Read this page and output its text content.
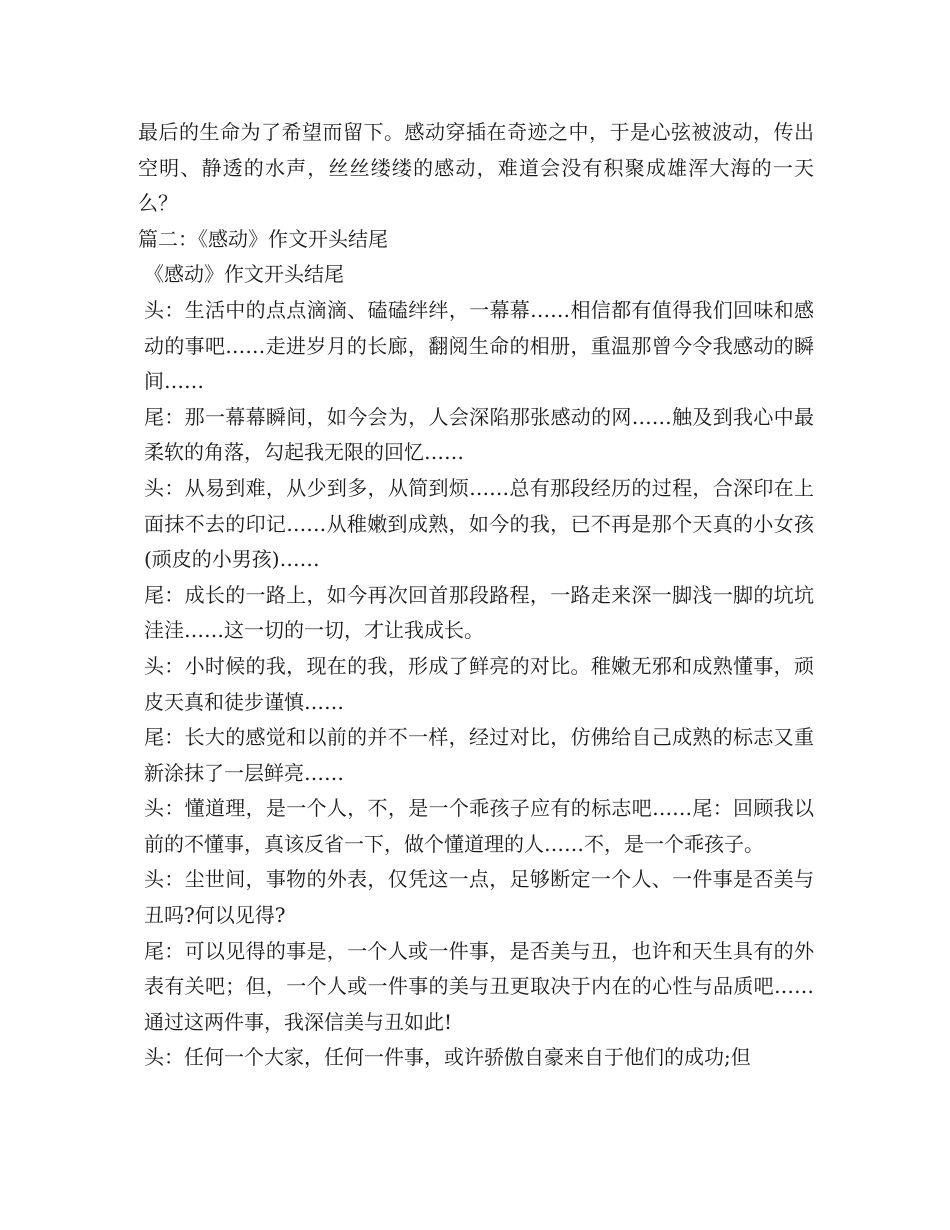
最后的生命为了希望而留下。感动穿插在奇迹之中，于是心弦被波动，传出空明、静透的水声，丝丝缕缕的感动，难道会没有积聚成雄浑大海的一天么？

篇二：《感动》作文开头结尾

《感动》作文开头结尾

头：生活中的点点滴滴、磕磕绊绊，一幕幕……相信都有值得我们回味和感动的事吧……走进岁月的长廊，翻阅生命的相册，重温那曾今令我感动的瞬间……

尾：那一幕幕瞬间，如今会为，人会深陷那张感动的网……触及到我心中最柔软的角落，勾起我无限的回忆……

头：从易到难，从少到多，从简到烦……总有那段经历的过程，合深印在上面抹不去的印记……从稚嫩到成熟，如今的我，已不再是那个天真的小女孩(顽皮的小男孩)……

尾：成长的一路上，如今再次回首那段路程，一路走来深一脚浅一脚的坑坑洼洼……这一切的一切，才让我成长。

头：小时候的我，现在的我，形成了鲜亮的对比。稚嫩无邪和成熟懂事，顽皮天真和徒步谨慎……

尾：长大的感觉和以前的并不一样，经过对比，仿佛给自己成熟的标志又重新涂抹了一层鲜亮……

头：懂道理，是一个人，不，是一个乖孩子应有的标志吧……尾：回顾我以前的不懂事，真该反省一下，做个懂道理的人……不，是一个乖孩子。

头：尘世间，事物的外表，仅凭这一点，足够断定一个人、一件事是否美与丑吗?何以见得?

尾：可以见得的事是，一个人或一件事，是否美与丑，也许和天生具有的外表有关吧；但，一个人或一件事的美与丑更取决于内在的心性与品质吧……通过这两件事，我深信美与丑如此!

头：任何一个大家，任何一件事，或许骄傲自豪来自于他们的成功;但
